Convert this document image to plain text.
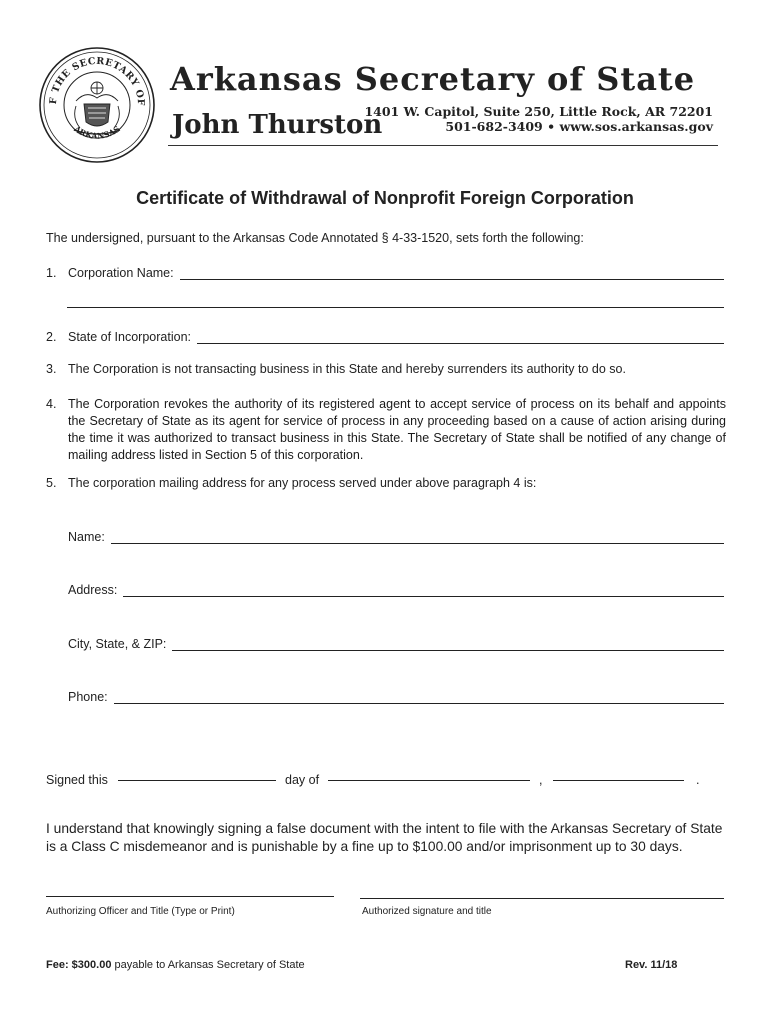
F THE SECRETARY OF
ARKANSAS
Arkansas Secretary of State
John Thurston
1401 W. Capitol, Suite 250, Little Rock, AR 72201
501-682-3409 • www.sos.arkansas.gov
Certificate of Withdrawal of Nonprofit Foreign Corporation
The undersigned, pursuant to the Arkansas Code Annotated § 4-33-1520, sets forth the following:
1. Corporation Name:
2. State of Incorporation:
3. The Corporation is not transacting business in this State and hereby surrenders its authority to do so.
4. The Corporation revokes the authority of its registered agent to accept service of process on its behalf and appoints the Secretary of State as its agent for service of process in any proceeding based on a cause of action arising during the time it was authorized to transact business in this State. The Secretary of State shall be notified of any change of mailing address listed in Section 5 of this corporation.
5. The corporation mailing address for any process served under above paragraph 4 is:
Name:
Address:
City, State, & ZIP:
Phone:
Signed this	day of	,	.
I understand that knowingly signing a false document with the intent to file with the Arkansas Secretary of State is a Class C misdemeanor and is punishable by a fine up to $100.00 and/or imprisonment up to 30 days.
Authorizing Officer and Title (Type or Print)	Authorized signature and title
Fee: $300.00 payable to Arkansas Secretary of State	Rev. 11/18
